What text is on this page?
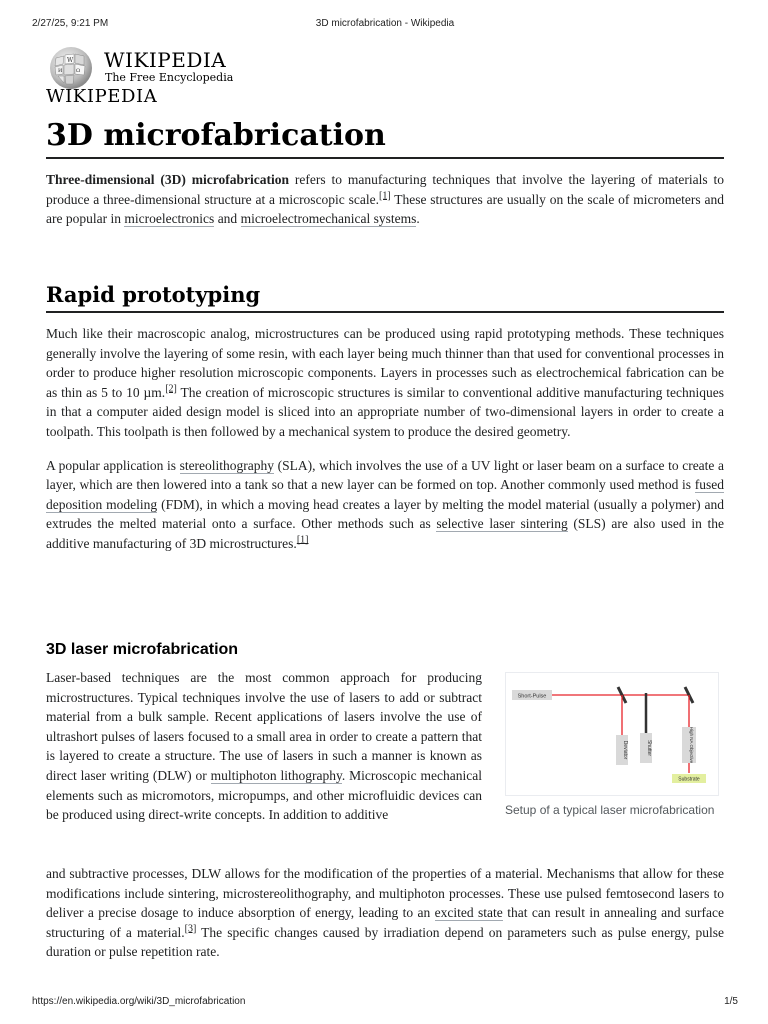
2/27/25, 9:21 PM	3D microfabrication - Wikipedia
W
Ω
И WIKIPEDIA
The Free Encyclopedia
WIKIPEDIA
3D microfabrication

Three-dimensional (3D) microfabrication refers to manufacturing techniques that involve the layering of materials to produce a three-dimensional structure at a microscopic scale.[1] These structures are usually on the scale of micrometers and are popular in microelectronics and microelectromechanical systems.

Rapid prototyping

Much like their macroscopic analog, microstructures can be produced using rapid prototyping methods. These techniques generally involve the layering of some resin, with each layer being much thinner than that used for conventional processes in order to produce higher resolution microscopic components. Layers in processes such as electrochemical fabrication can be as thin as 5 to 10 µm.[2] The creation of microscopic structures is similar to conventional additive manufacturing techniques in that a computer aided design model is sliced into an appropriate number of two-dimensional layers in order to create a toolpath. This toolpath is then followed by a mechanical system to produce the desired geometry.

A popular application is stereolithography (SLA), which involves the use of a UV light or laser beam on a surface to create a layer, which are then lowered into a tank so that a new layer can be formed on top. Another commonly used method is fused deposition modeling (FDM), in which a moving head creates a layer by melting the model material (usually a polymer) and extrudes the melted material onto a surface. Other methods such as selective laser sintering (SLS) are also used in the additive manufacturing of 3D microstructures.[1]

3D laser microfabrication

Laser-based techniques are the most common approach for producing microstructures. Typical techniques involve the use of lasers to add or subtract material from a bulk sample. Recent applications of lasers involve the use of ultrashort pulses of lasers focused to a small area in order to create a pattern that is layered to create a structure. The use of lasers in such a manner is known as direct laser writing (DLW) or multiphoton lithography. Microscopic mechanical elements such as micromotors, micropumps, and other microfluidic devices can be produced using direct-write concepts. In addition to additive

Short-Pulse
Deviator	Shutter	High NA Objective
Substrate
Setup of a typical laser microfabrication

and subtractive processes, DLW allows for the modification of the properties of a material. Mechanisms that allow for these modifications include sintering, microstereolithography, and multiphoton processes. These use pulsed femtosecond lasers to deliver a precise dosage to induce absorption of energy, leading to an excited state that can result in annealing and surface structuring of a material.[3] The specific changes caused by irradiation depend on parameters such as pulse energy, pulse duration or pulse repetition rate.

https://en.wikipedia.org/wiki/3D_microfabrication	1/5
